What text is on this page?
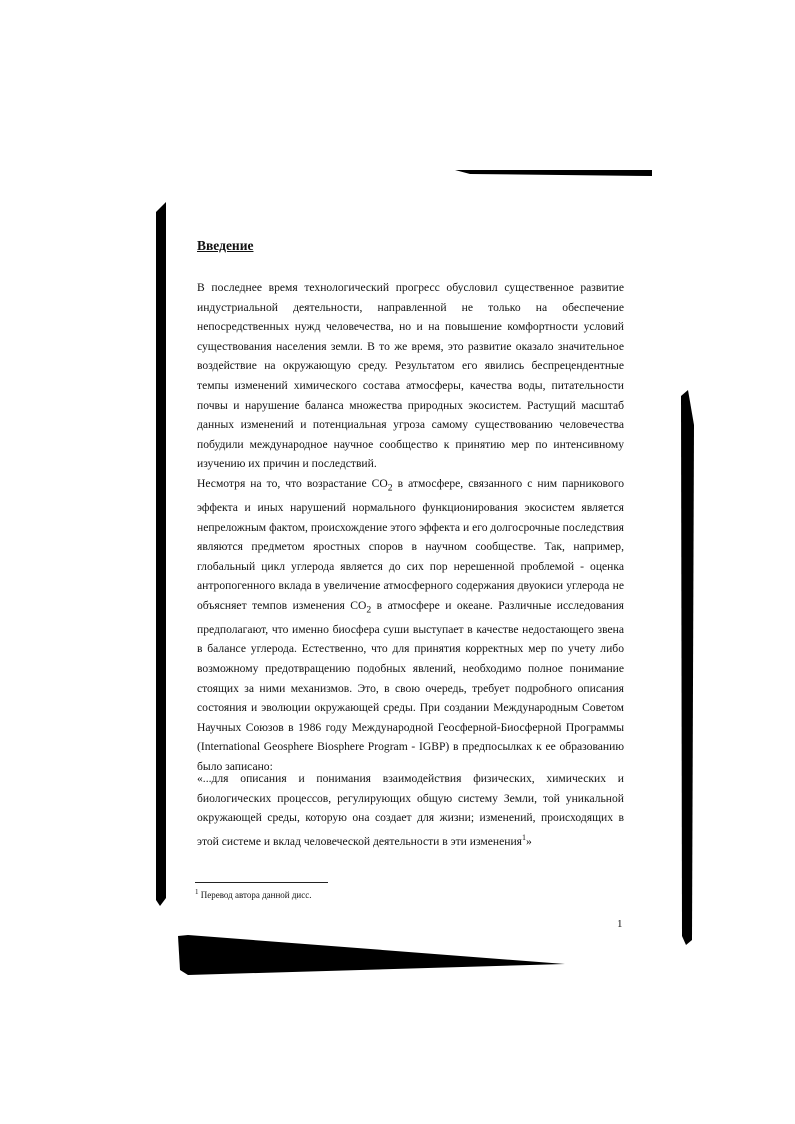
Введение

В последнее время технологический прогресс обусловил существенное развитие индустриальной деятельности, направленной не только на обеспечение непосредственных нужд человечества, но и на повышение комфортности условий существования населения земли. В то же время, это развитие оказало значительное воздействие на окружающую среду. Результатом его явились беспрецендентные темпы изменений химического состава атмосферы, качества воды, питательности почвы и нарушение баланса множества природных экосистем. Растущий масштаб данных изменений и потенциальная угроза самому существованию человечества побудили международное научное сообщество к принятию мер по интенсивному изучению их причин и последствий.

Несмотря на то, что возрастание $CO_2$ в атмосфере, связанного с ним парникового эффекта и иных нарушений нормального функционирования экосистем является непреложным фактом, происхождение этого эффекта и его долгосрочные последствия являются предметом яростных споров в научном сообществе. Так, например, глобальный цикл углерода является до сих пор нерешенной проблемой - оценка антропогенного вклада в увеличение атмосферного содержания двуокиси углерода не объясняет темпов изменения $CO_2$ в атмосфере и океане. Различные исследования предполагают, что именно биосфера суши выступает в качестве недостающего звена в балансе углерода. Естественно, что для принятия корректных мер по учету либо возможному предотвращению подобных явлений, необходимо полное понимание стоящих за ними механизмов. Это, в свою очередь, требует подробного описания состояния и эволюции окружающей среды. При создании Международным Советом Научных Союзов в 1986 году Международной Геосферной-Биосферной Программы (International Geosphere Biosphere Program - IGBP) в предпосылках к ее образованию было записано:

«...для описания и понимания взаимодействия физических, химических и биологических процессов, регулирующих общую систему Земли, той уникальной окружающей среды, которую она создает для жизни; изменений, происходящих в этой системе и вклад человеческой деятельности в эти изменения$^1$»

$^1$ Перевод автора данной дисс.

1
